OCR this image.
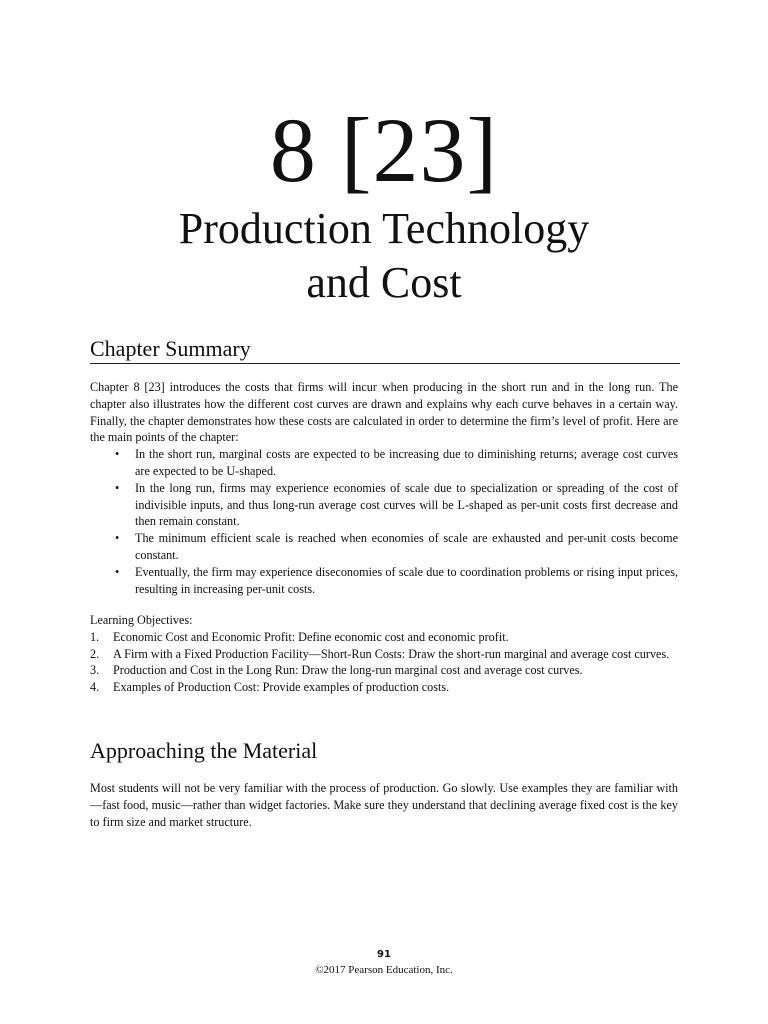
8 [23]
Production Technology
and Cost
Chapter Summary

Chapter 8 [23] introduces the costs that firms will incur when producing in the short run and in the long run. The chapter also illustrates how the different cost curves are drawn and explains why each curve behaves in a certain way. Finally, the chapter demonstrates how these costs are calculated in order to determine the firm’s level of profit. Here are the main points of the chapter:

• In the short run, marginal costs are expected to be increasing due to diminishing returns; average cost curves are expected to be U-shaped.
• In the long run, firms may experience economies of scale due to specialization or spreading of the cost of indivisible inputs, and thus long-run average cost curves will be L-shaped as per-unit costs first decrease and then remain constant.
• The minimum efficient scale is reached when economies of scale are exhausted and per-unit costs become constant.
• Eventually, the firm may experience diseconomies of scale due to coordination problems or rising input prices, resulting in increasing per-unit costs.

Learning Objectives:

1. Economic Cost and Economic Profit: Define economic cost and economic profit.
2. A Firm with a Fixed Production Facility—Short-Run Costs: Draw the short-run marginal and average cost curves.
3. Production and Cost in the Long Run: Draw the long-run marginal cost and average cost curves.
4. Examples of Production Cost: Provide examples of production costs.
Approaching the Material

Most students will not be very familiar with the process of production. Go slowly. Use examples they are familiar with—fast food, music—rather than widget factories. Make sure they understand that declining average fixed cost is the key to firm size and market structure.

91
©2017 Pearson Education, Inc.
